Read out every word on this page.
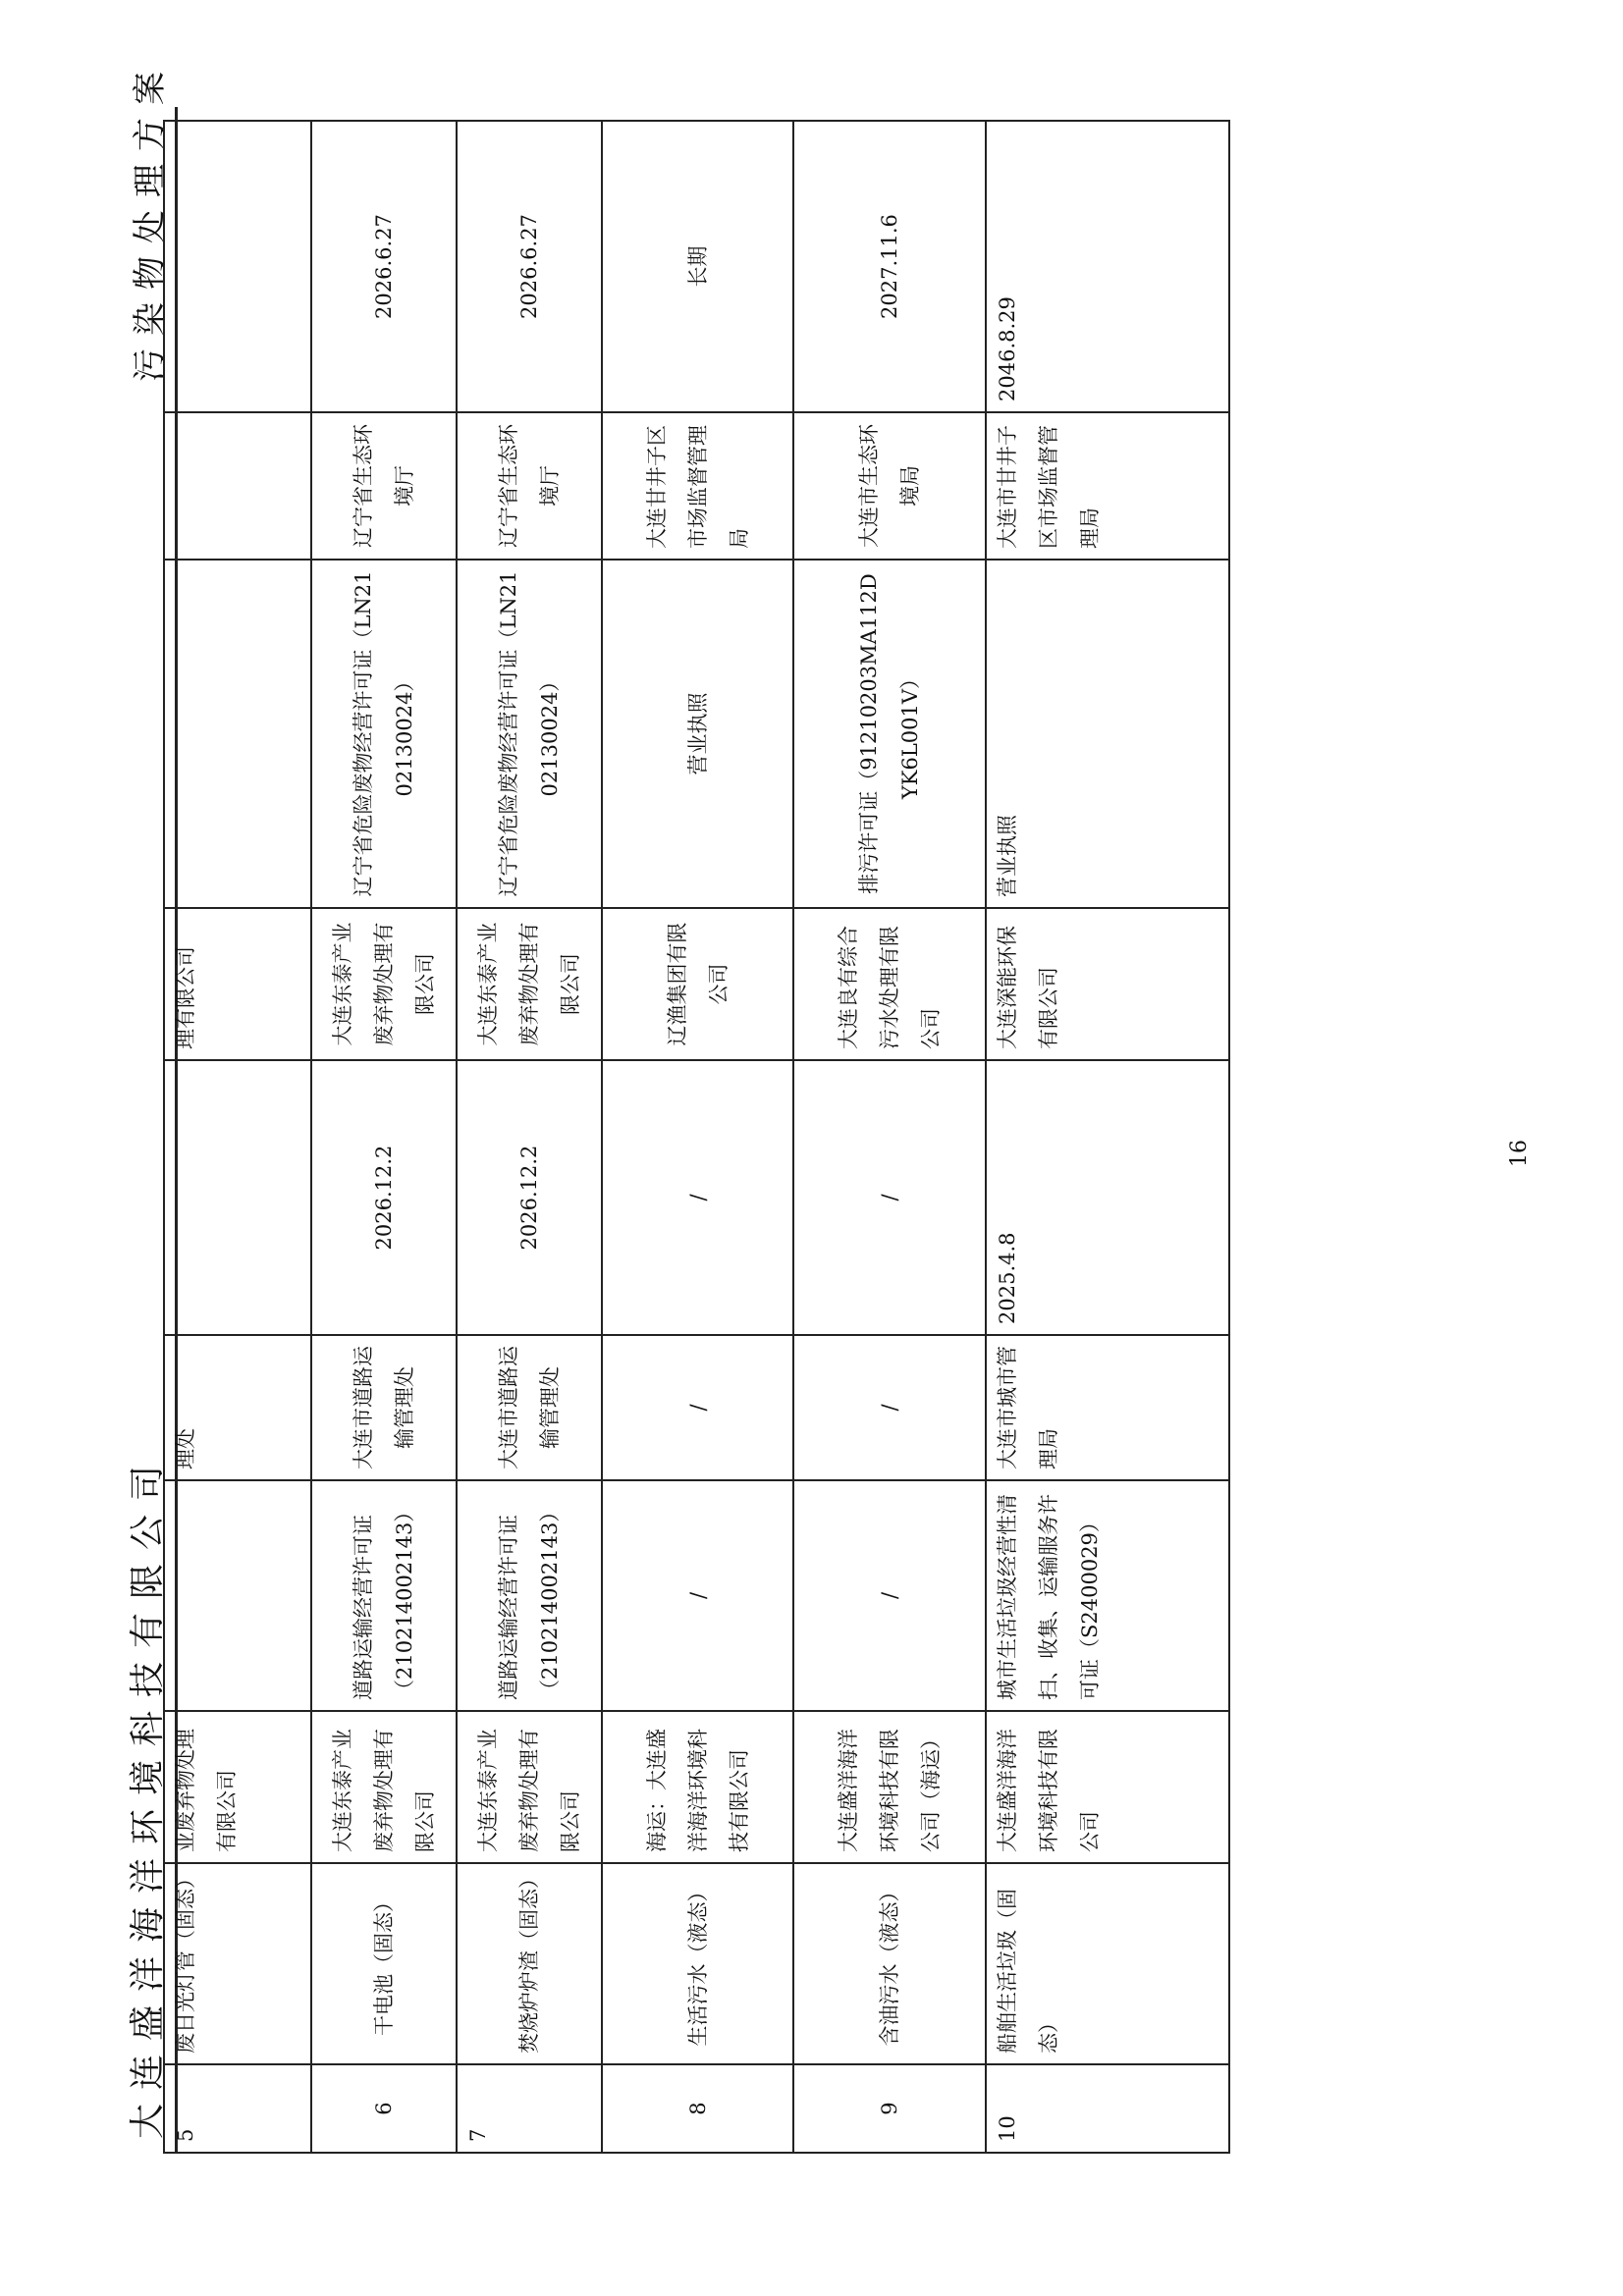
大连盛洋海洋环境科技有限公司
污染物处理方案
5	废日光灯管（固态）	业废弃物处理有限公司		理处		理有限公司			
6	干电池（固态）	大连东泰产业废弃物处理有限公司	道路运输经营许可证（210214002143）	大连市道路运输管理处	2026.12.2	大连东泰产业废弃物处理有限公司	辽宁省危险废物经营许可证（LN2102130024）	辽宁省生态环境厅	2026.6.27
7	焚烧炉炉渣（固态）	大连东泰产业废弃物处理有限公司	道路运输经营许可证（210214002143）	大连市道路运输管理处	2026.12.2	大连东泰产业废弃物处理有限公司	辽宁省危险废物经营许可证（LN2102130024）	辽宁省生态环境厅	2026.6.27
8	生活污水（液态）	海运：大连盛洋海洋环境科技有限公司	/	/	/	辽渔集团有限公司	营业执照	大连甘井子区市场监督管理局	长期
9	含油污水（液态）	大连盛洋海洋环境科技有限公司（海运）	/	/	/	大连良有综合污水处理有限公司	排污许可证（91210203MA112DYK6L001V）	大连市生态环境局	2027.11.6
10	船舶生活垃圾（固态）	大连盛洋海洋环境科技有限公司	城市生活垃圾经营性清扫、收集、运输服务许可证（S2400029）	大连市城市管理局	2025.4.8	大连深能环保有限公司	营业执照	大连市甘井子区市场监督管理局	2046.8.29
16
